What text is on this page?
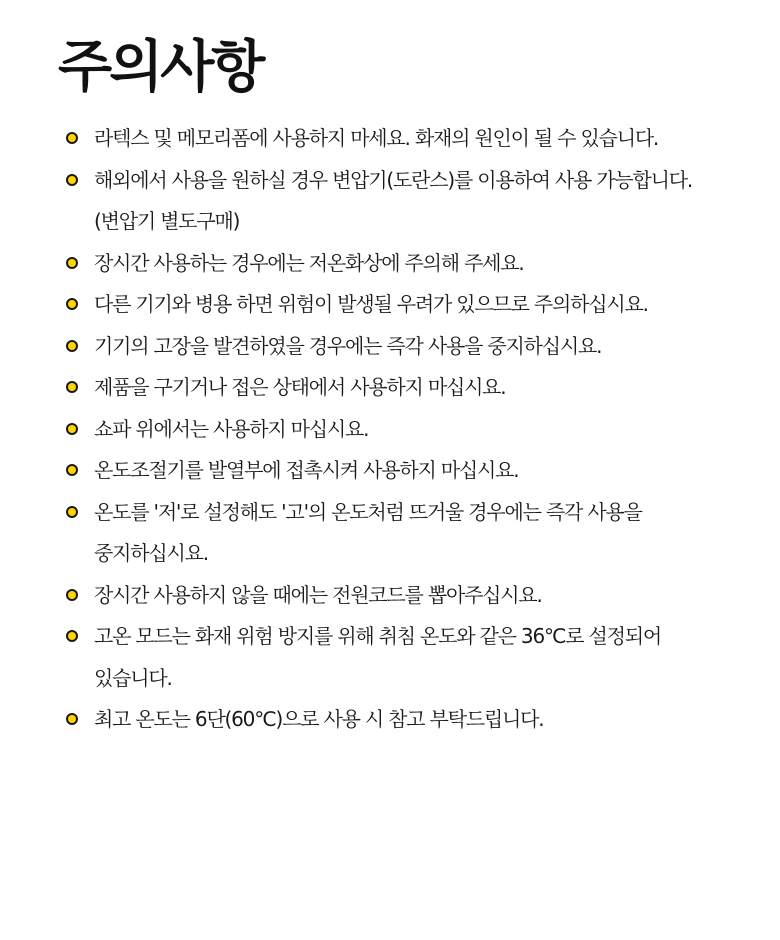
주의사항
라텍스 및 메모리폼에 사용하지 마세요. 화재의 원인이 될 수 있습니다.
해외에서 사용을 원하실 경우 변압기(도란스)를 이용하여 사용 가능합니다.(변압기 별도구매)
장시간 사용하는 경우에는 저온화상에 주의해 주세요.
다른 기기와 병용 하면 위험이 발생될 우려가 있으므로 주의하십시요.
기기의 고장을 발견하였을 경우에는 즉각 사용을 중지하십시요.
제품을 구기거나 접은 상태에서 사용하지 마십시요.
쇼파 위에서는 사용하지 마십시요.
온도조절기를 발열부에 접촉시켜 사용하지 마십시요.
온도를 '저'로 설정해도 '고'의 온도처럼 뜨거울 경우에는 즉각 사용을 중지하십시요.
장시간 사용하지 않을 때에는 전원코드를 뽑아주십시요.
고온 모드는 화재 위험 방지를 위해 취침 온도와 같은 36℃로 설정되어 있습니다.
최고 온도는 6단(60℃)으로 사용 시 참고 부탁드립니다.
